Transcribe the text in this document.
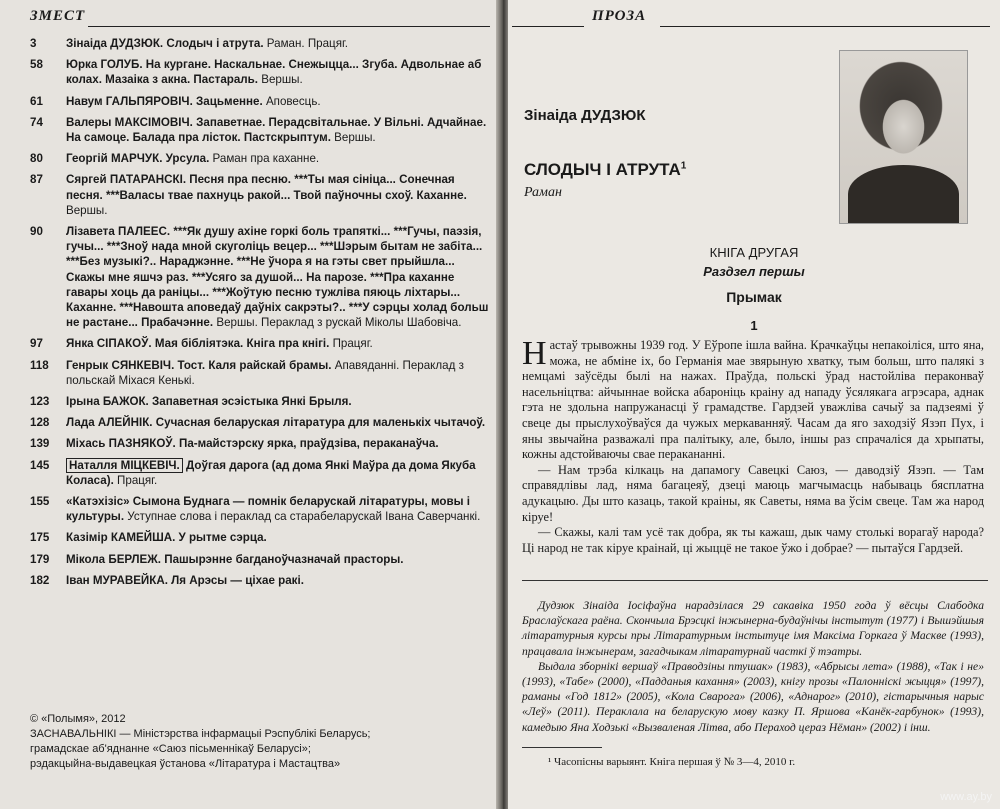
ЗМЕСТ
3	Зінаіда ДУДЗЮК. Слодыч і атрута. Раман. Працяг.
58	Юрка ГОЛУБ. На кургане. Наскальнае. Снежыцца... Згуба. Адвольнае аб колах. Мазаіка з акна. Пастараль. Вершы.
61	Навум ГАЛЬПЯРОВІЧ. Зацьменне. Аповесць.
74	Валеры МАКСІМОВІЧ. Запаветнае. Перадсвітальнае. У Вільні. Адчайнае. На самоце. Балада пра лісток. Пастскрыптум. Вершы.
80	Георгій МАРЧУК. Урсула. Раман пра каханне.
87	Сяргей ПАТАРАНСКІ. Песня пра песню. ***Ты мая сініца... Сонечная песня. ***Валасы твае пахнуць ракой... Твой паўночны схоў. Каханне. Вершы.
90	Лізавета ПАЛЕЕС. ***Як душу ахіне горкі боль трапяткі... ***Гучы, паэзія, гучы... ***Зноў нада мной скуголіць вецер... ***Шэрым бытам не забіта... ***Без музыкі?.. Нараджэнне. ***Не ўчора я на гэты свет прыйшла... Скажы мне яшчэ раз. ***Усяго за душой... На парозе. ***Пра каханне гавары хоць да раніцы... ***Жоўтую песню тужліва пяюць ліхтары... Каханне. ***Навошта аповедаў даўніх сакрэты?.. ***У сэрцы холад больш не растане... Прабачэнне. Вершы. Пераклад з рускай Міколы Шабовіча.
97	Янка СІПАКОЎ. Мая бібліятэка. Кніга пра кнігі. Працяг.
118	Генрык СЯНКЕВІЧ. Тост. Каля райскай брамы. Апавяданні. Пераклад з польскай Міхася Кенькі.
123	Ірына БАЖОК. Запаветная эсэістыка Янкі Брыля.
128	Лада АЛЕЙНІК. Сучасная беларуская літаратура для маленькіх чытачоў.
139	Міхась ПАЗНЯКОЎ. Па-майстэрску ярка, праўдзіва, пераканаўча.
145	Наталля МІЦКЕВІЧ. Доўгая дарога (ад дома Янкі Маўра да дома Якуба Коласа). Працяг.
155	«Катэхізіс» Сымона Буднага — помнік беларускай літаратуры, мовы і культуры. Уступнае слова і пераклад са старабеларускай Івана Саверчанкі.
175	Казімір КАМЕЙША. У рытме сэрца.
179	Мікола БЕРЛЕЖ. Пашырэнне багданоўчазначай прасторы.
182	Іван МУРАВЕЙКА. Ля Арэсы — ціхае ракі.
© «Полымя», 2012
ЗАСНАВАЛЬНІКІ — Міністэрства інфармацыі Рэспублікі Беларусь;
грамадскае аб'яднанне «Саюз пісьменнікаў Беларусі»;
рэдакцыйна-выдавецкая ўстанова «Літаратура і Мастацтва»
ПРОЗА
Зінаіда ДУДЗЮК
СЛОДЫЧ І АТРУТА$^1$
Раман
КНІГА ДРУГАЯ
Раздзел першы
Прымак
1

Настаў трывожны 1939 год. У Еўропе ішла вайна. Крачкаўцы непакоіліся, што яна, можа, не абміне іх, бо Германія мае звярыную хватку, тым больш, што палякі з немцамі заўсёды былі на нажах. Праўда, польскі ўрад настойліва пераконваў насельніцтва: айчыннае войска абароніць краіну ад нападу ўсялякага агрэсара, аднак гэта не здольна напружанасці ў грамадстве. Гардзей уважліва сачыў за падзеямі ў свеце ды прыслухоўваўся да чужых меркаванняў. Часам да яго заходзіў Язэп Пух, і яны звычайна разважалі пра палітыку, але, было, іншы раз спрачаліся да хрыпаты, кожны адстойваючы свае перакананні.

— Нам трэба кілкаць на дапамогу Савецкі Саюз, — даводзіў Язэп. — Там справядлівы лад, няма багацеяў, дзеці маюць магчымасць набываць бясплатна адукацыю. Ды што казаць, такой краіны, як Саветы, няма ва ўсім свеце. Там жа народ кіруе!

— Скажы, калі там усё так добра, як ты кажаш, дык чаму столькі ворагаў народа? Ці народ не так кіруе краінай, ці жыццё не такое ўжо і добрае? — пытаўся Гардзей.

Дудзюк Зінаіда Іосіфаўна нарадзілася 29 сакавіка 1950 года ў вёсцы Слабодка Браслаўскага раёна. Скончыла Брэсцкі інжынерна-будаўнічы інстытут (1977) і Вышэйшыя літаратурныя курсы пры Літаратурным інстытуце імя Максіма Горкага ў Маскве (1993), працавала інжынерам, загадчыкам літаратурнай часткі ў тэатры.

Выдала зборнікі вершаў «Праводзіны птушак» (1983), «Абрысы лета» (1988), «Так і не» (1993), «Табе» (2000), «Падданыя кахання» (2003), кнігу прозы «Палонніскі жыцця» (1997), раманы «Год 1812» (2005), «Кола Сварога» (2006), «Аднарог» (2010), гістарычныя нарыс «Леў» (2011). Пераклала на беларускую мову казку П. Яршова «Канёк-гарбунок» (1993), камедыю Яна Ходзькі «Вызваленая Літва, або Пераход цераз Нёман» (2002) і інш.

¹ Часопісны варыянт. Кніга першая ў № 3—4, 2010 г.
www.ay.by
